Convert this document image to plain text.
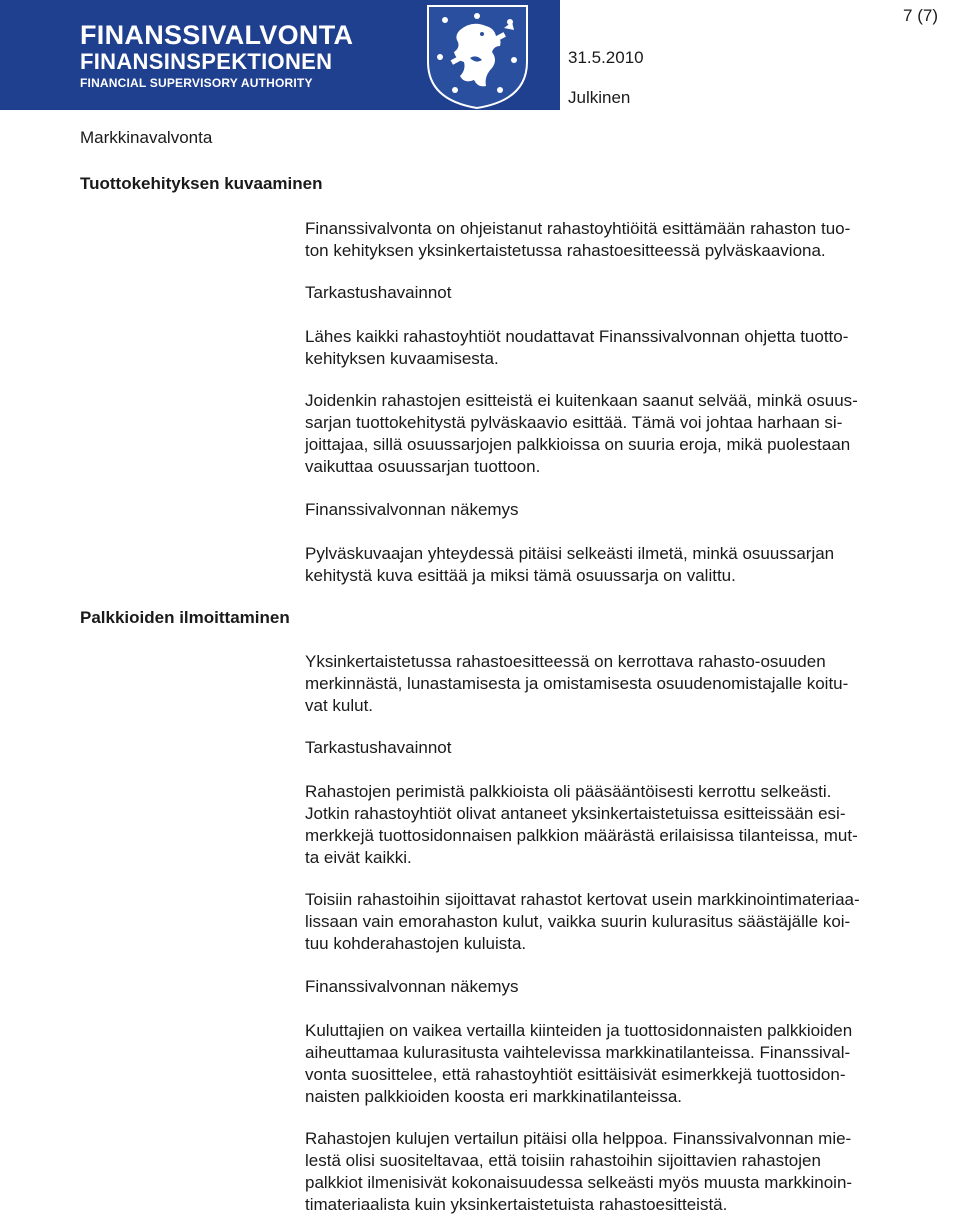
FINANSSIVALVONTA
FINANSINSPEKTIONEN
FINANCIAL SUPERVISORY AUTHORITY
7 (7)
31.5.2010
Julkinen
Markkinavalvonta
Tuottokehityksen kuvaaminen
Finanssivalvonta on ohjeistanut rahastoyhtiöitä esittämään rahaston tuo-
ton kehityksen yksinkertaistetussa rahastoesitteessä pylväskaaviona.
Tarkastushavainnot
Lähes kaikki rahastoyhtiöt noudattavat Finanssivalvonnan ohjetta tuotto-
kehityksen kuvaamisesta.
Joidenkin rahastojen esitteistä ei kuitenkaan saanut selvää, minkä osuus-
sarjan tuottokehitystä pylväskaavio esittää. Tämä voi johtaa harhaan si-
joittajaa, sillä osuussarjojen palkkioissa on suuria eroja, mikä puolestaan
vaikuttaa osuussarjan tuottoon.
Finanssivalvonnan näkemys
Pylväskuvaajan yhteydessä pitäisi selkeästi ilmetä, minkä osuussarjan
kehitystä kuva esittää ja miksi tämä osuussarja on valittu.
Palkkioiden ilmoittaminen
Yksinkertaistetussa rahastoesitteessä on kerrottava rahasto-osuuden
merkinnästä, lunastamisesta ja omistamisesta osuudenomistajalle koitu-
vat kulut.
Tarkastushavainnot
Rahastojen perimistä palkkioista oli pääsääntöisesti kerrottu selkeästi.
Jotkin rahastoyhtiöt olivat antaneet yksinkertaistetuissa esitteissään esi-
merkkejä tuottosidonnaisen palkkion määrästä erilaisissa tilanteissa, mut-
ta eivät kaikki.
Toisiin rahastoihin sijoittavat rahastot kertovat usein markkinointimateriaa-
lissaan vain emorahaston kulut, vaikka suurin kulurasitus säästäjälle koi-
tuu kohderahastojen kuluista.
Finanssivalvonnan näkemys
Kuluttajien on vaikea vertailla kiinteiden ja tuottosidonnaisten palkkioiden
aiheuttamaa kulurasitusta vaihtelevissa markkinatilanteissa. Finanssival-
vonta suosittelee, että rahastoyhtiöt esittäisivät esimerkkejä tuottosidon-
naisten palkkioiden koosta eri markkinatilanteissa.
Rahastojen kulujen vertailun pitäisi olla helppoa. Finanssivalvonnan mie-
lestä olisi suositeltavaa, että toisiin rahastoihin sijoittavien rahastojen
palkkiot ilmenisivät kokonaisuudessa selkeästi myös muusta markkinoin-
timateriaalista kuin yksinkertaistetuista rahastoesitteistä.
